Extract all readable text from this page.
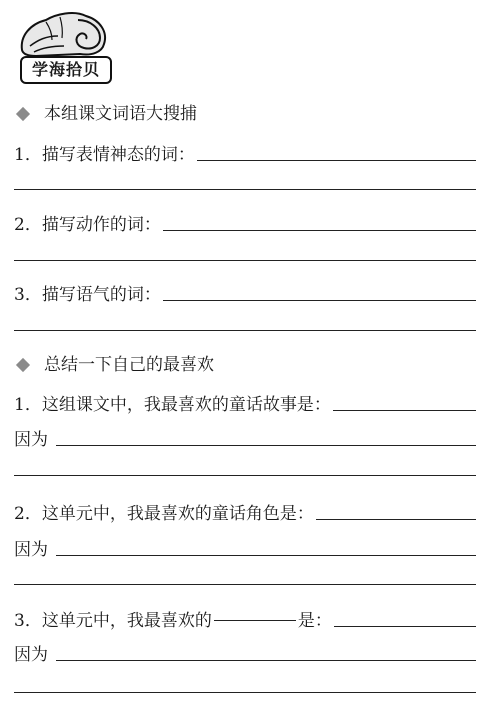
学海拾贝
本组课文词语大搜捕
1．描写表情神态的词：
2．描写动作的词：
3．描写语气的词：
总结一下自己的最喜欢
1．这组课文中，我最喜欢的童话故事是：
因为
2．这单元中，我最喜欢的童话角色是：
因为
3．这单元中，我最喜欢的	是：
因为
